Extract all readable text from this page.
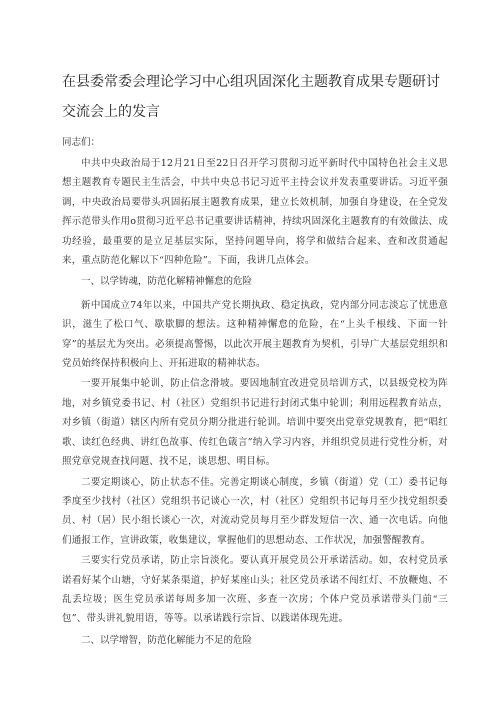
在县委常委会理论学习中心组巩固深化主题教育成果专题研讨交流会上的发言

同志们：

中共中央政治局于12月21日至22日召开学习贯彻习近平新时代中国特色社会主义思想主题教育专题民主生活会，中共中央总书记习近平主持会议并发表重要讲话。习近平强调，中央政治局要带头巩固拓展主题教育成果，建立长效机制，加强自身建设，在全党发挥示范带头作用o贯彻习近平总书记重要讲话精神，持续巩固深化主题教育的有效做法、成功经验，最重要的是立足基层实际，坚持问题导向，将学和做结合起来、查和改贯通起来，重点防范化解以下“四种危险”。下面，我讲几点体会。

一、以学铸魂，防范化解精神懈怠的危险

新中国成立74年以来，中国共产党长期执政、稳定执政，党内部分同志淡忘了忧患意识，滋生了松口气、歇歇脚的想法。这种精神懈怠的危险，在“上头千根线、下面一针穿”的基层尤为突出。必须提高警惕，以此次开展主题教育为契机，引导广大基层党组织和党员始终保持积极向上、开拓进取的精神状态。

一要开展集中轮训，防止信念滑坡。要因地制宜改进党员培训方式，以县级党校为阵地，对乡镇党委书记、村（社区）党组织书记进行封闭式集中轮训；利用远程教育站点，对乡镇（街道）辖区内所有党员分期分批进行轮训。培训中要突出党章党规教育，把“唱红歌、读红色经典、讲红色故事、传红色箴言”纳入学习内容，并组织党员进行党性分析，对照党章党规查找问题、找不足，谈思想、明目标。

二要定期谈心，防止状态不佳。完善定期谈心制度，乡镇（街道）党（工）委书记每季度至少找村（社区）党组织书记谈心一次，村（社区）党组织书记每月至少找党组织委员、村（居）民小组长谈心一次，对流动党员每月至少群发短信一次、通一次电话。向他们通报工作，宣讲政策，收集建议，掌握他们的思想动态、工作状况，加强警醒教育。

三要实行党员承诺，防止宗旨淡化。要认真开展党员公开承诺活动。如，农村党员承诺看好某个山塘，守好某条渠道，护好某座山头；社区党员承诺不闯红灯、不放鞭炮、不乱丢垃圾；医生党员承诺每周多加一次班、多查一次房；个体户党员承诺带头门前“三包”、带头讲礼貌用语，等等。以承诺践行宗旨、以践诺体现先进。

二、以学增智，防范化解能力不足的危险
